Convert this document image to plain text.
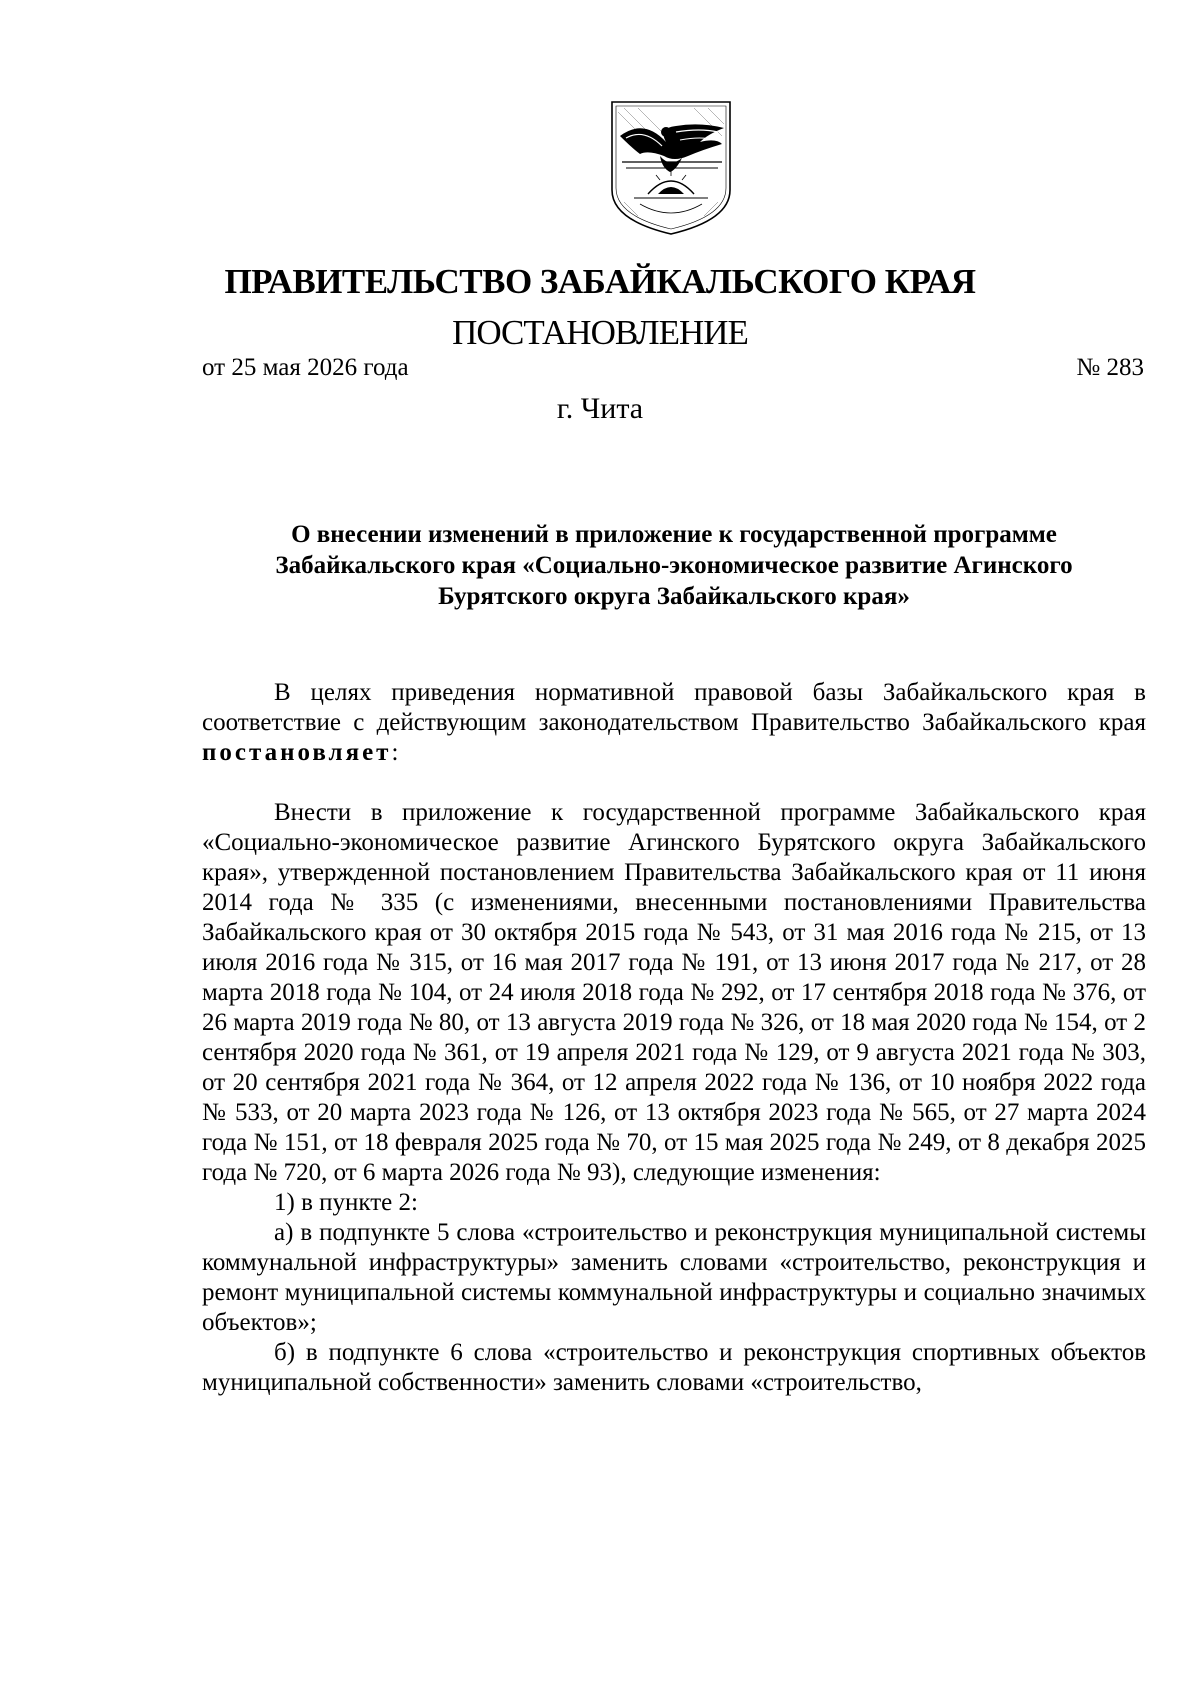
ПРАВИТЕЛЬСТВО ЗАБАЙКАЛЬСКОГО КРАЯ
ПОСТАНОВЛЕНИЕ
от 25 мая 2026 года	№ 283
г. Чита
О внесении изменений в приложение к государственной программе
Забайкальского края «Социально-экономическое развитие Агинского
Бурятского округа Забайкальского края»

В целях приведения нормативной правовой базы Забайкальского края в соответствие с действующим законодательством Правительство Забайкальского края постановляет:

Внести в приложение к государственной программе Забайкальского края «Социально-экономическое развитие Агинского Бурятского округа Забайкальского края», утвержденной постановлением Правительства Забайкальского края от 11 июня 2014 года № 335 (с изменениями, внесенными постановлениями Правительства Забайкальского края от 30 октября 2015 года № 543, от 31 мая 2016 года № 215, от 13 июля 2016 года № 315, от 16 мая 2017 года № 191, от 13 июня 2017 года № 217, от 28 марта 2018 года № 104, от 24 июля 2018 года № 292, от 17 сентября 2018 года № 376, от 26 марта 2019 года № 80, от 13 августа 2019 года № 326, от 18 мая 2020 года № 154, от 2 сентября 2020 года № 361, от 19 апреля 2021 года № 129, от 9 августа 2021 года № 303, от 20 сентября 2021 года № 364, от 12 апреля 2022 года № 136, от 10 ноября 2022 года № 533, от 20 марта 2023 года № 126, от 13 октября 2023 года № 565, от 27 марта 2024 года № 151, от 18 февраля 2025 года № 70, от 15 мая 2025 года № 249, от 8 декабря 2025 года № 720, от 6 марта 2026 года № 93), следующие изменения:

1) в пункте 2:

а) в подпункте 5 слова «строительство и реконструкция муниципальной системы коммунальной инфраструктуры» заменить словами «строительство, реконструкция и ремонт муниципальной системы коммунальной инфраструктуры и социально значимых объектов»;

б) в подпункте 6 слова «строительство и реконструкция спортивных объектов муниципальной собственности» заменить словами «строительство,
